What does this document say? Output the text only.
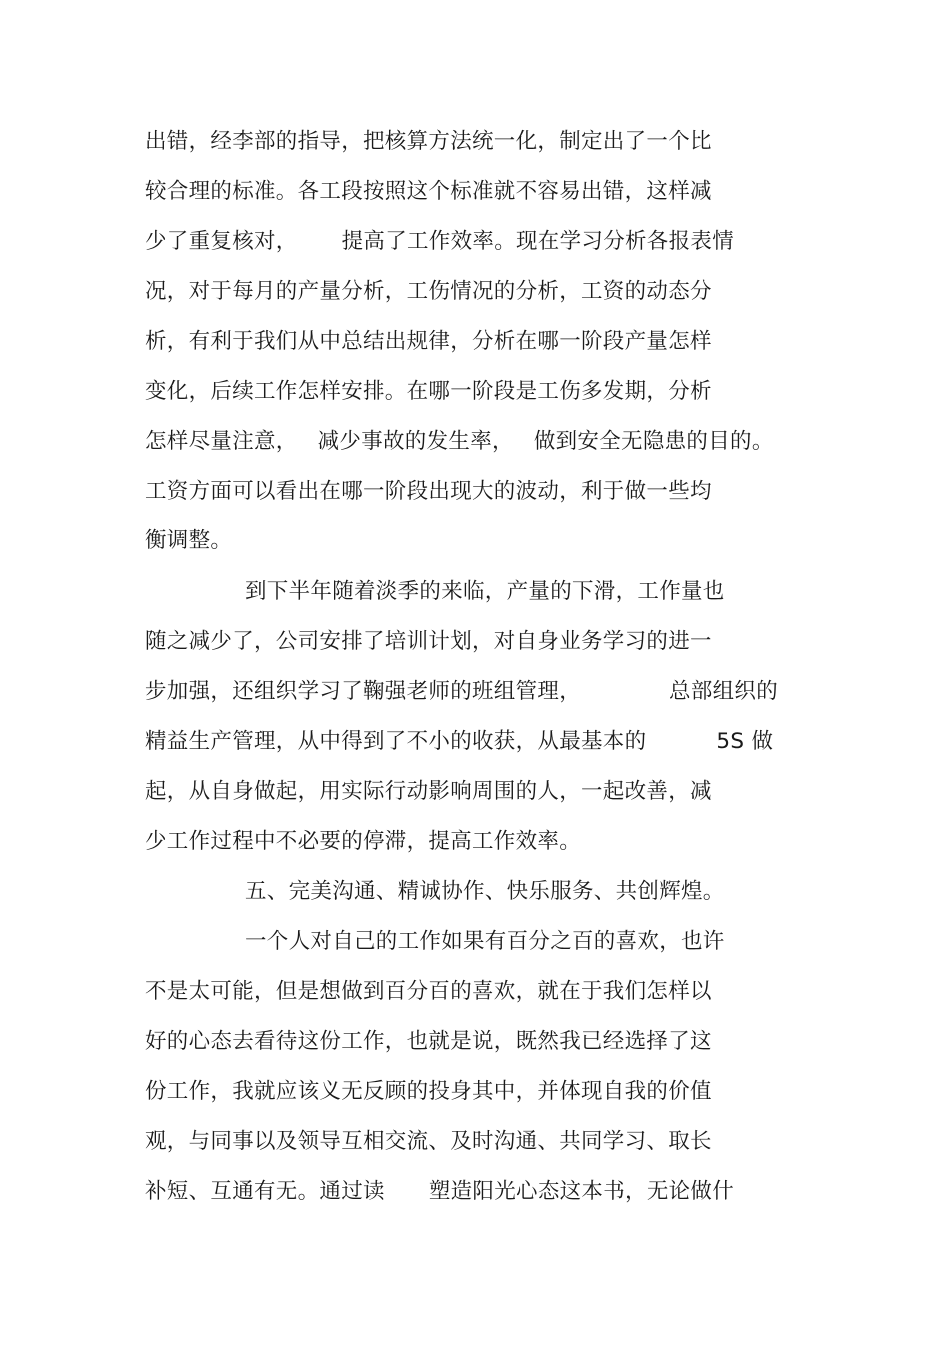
出错，经李部的指导，把核算方法统一化，制定出了一个比
较合理的标准。各工段按照这个标准就不容易出错，这样减
少了重复核对， 提高了工作效率。现在学习分析各报表情
况，对于每月的产量分析，工伤情况的分析，工资的动态分
析，有利于我们从中总结出规律，分析在哪一阶段产量怎样
变化，后续工作怎样安排。在哪一阶段是工伤多发期，分析
怎样尽量注意， 减少事故的发生率， 做到安全无隐患的目的。
工资方面可以看出在哪一阶段出现大的波动，利于做一些均
衡调整。
到下半年随着淡季的来临，产量的下滑，工作量也
随之减少了，公司安排了培训计划，对自身业务学习的进一
步加强，还组织学习了鞠强老师的班组管理，	总部组织的
精益生产管理，从中得到了不小的收获，从最基本的	5S 做
起，从自身做起，用实际行动影响周围的人，一起改善，减
少工作过程中不必要的停滞，提高工作效率。
五、完美沟通、精诚协作、快乐服务、共创辉煌。
一个人对自己的工作如果有百分之百的喜欢，也许
不是太可能，但是想做到百分百的喜欢，就在于我们怎样以
好的心态去看待这份工作，也就是说，既然我已经选择了这
份工作，我就应该义无反顾的投身其中，并体现自我的价值
观，与同事以及领导互相交流、及时沟通、共同学习、取长
补短、互通有无。通过读 塑造阳光心态这本书，无论做什
